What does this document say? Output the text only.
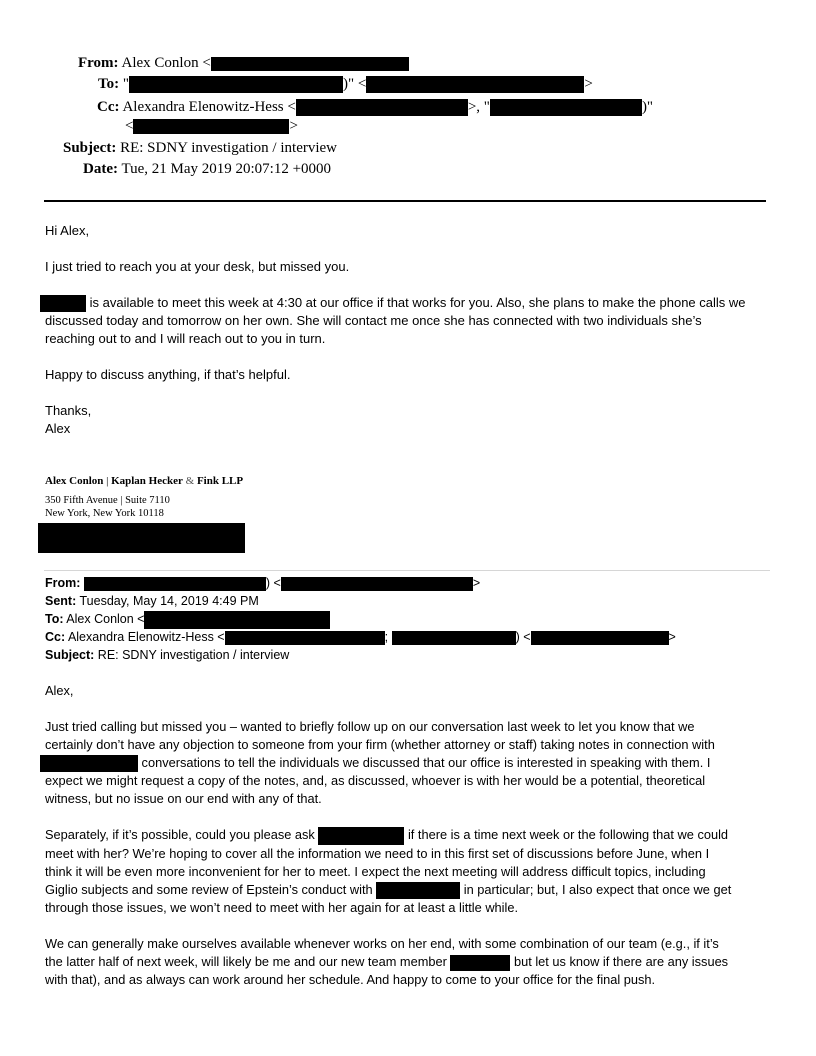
From: Alex Conlon <
To: "	)" <	>
Cc: Alexandra Elenowitz-Hess <	>, "	)"
<	>
Subject: RE: SDNY investigation / interview
Date: Tue, 21 May 2019 20:07:12 +0000

Hi Alex,

I just tried to reach you at your desk, but missed you.

is available to meet this week at 4:30 at our office if that works for you. Also, she plans to make the phone calls we

discussed today and tomorrow on her own. She will contact me once she has connected with two individuals she’s

reaching out to and I will reach out to you in turn.

Happy to discuss anything, if that’s helpful.

Thanks,

Alex

Alex Conlon | Kaplan Hecker & Fink LLP
350 Fifth Avenue | Suite 7110
New York, New York 10118
From:	) <	>
Sent: Tuesday, May 14, 2019 4:49 PM
To: Alex Conlon <
Cc: Alexandra Elenowitz-Hess <	;	) <	>
Subject: RE: SDNY investigation / interview

Alex,

Just tried calling but missed you – wanted to briefly follow up on our conversation last week to let you know that we

certainly don’t have any objection to someone from your firm (whether attorney or staff) taking notes in connection with

conversations to tell the individuals we discussed that our office is interested in speaking with them. I

expect we might request a copy of the notes, and, as discussed, whoever is with her would be a potential, theoretical

witness, but no issue on our end with any of that.

Separately, if it’s possible, could you please ask	if there is a time next week or the following that we could

meet with her? We’re hoping to cover all the information we need to in this first set of discussions before June, when I

think it will be even more inconvenient for her to meet. I expect the next meeting will address difficult topics, including

Giglio subjects and some review of Epstein’s conduct with	in particular; but, I also expect that once we get

through those issues, we won’t need to meet with her again for at least a little while.

We can generally make ourselves available whenever works on her end, with some combination of our team (e.g., if it’s

the latter half of next week, will likely be me and our new team member	but let us know if there are any issues

with that), and as always can work around her schedule. And happy to come to your office for the final push.
